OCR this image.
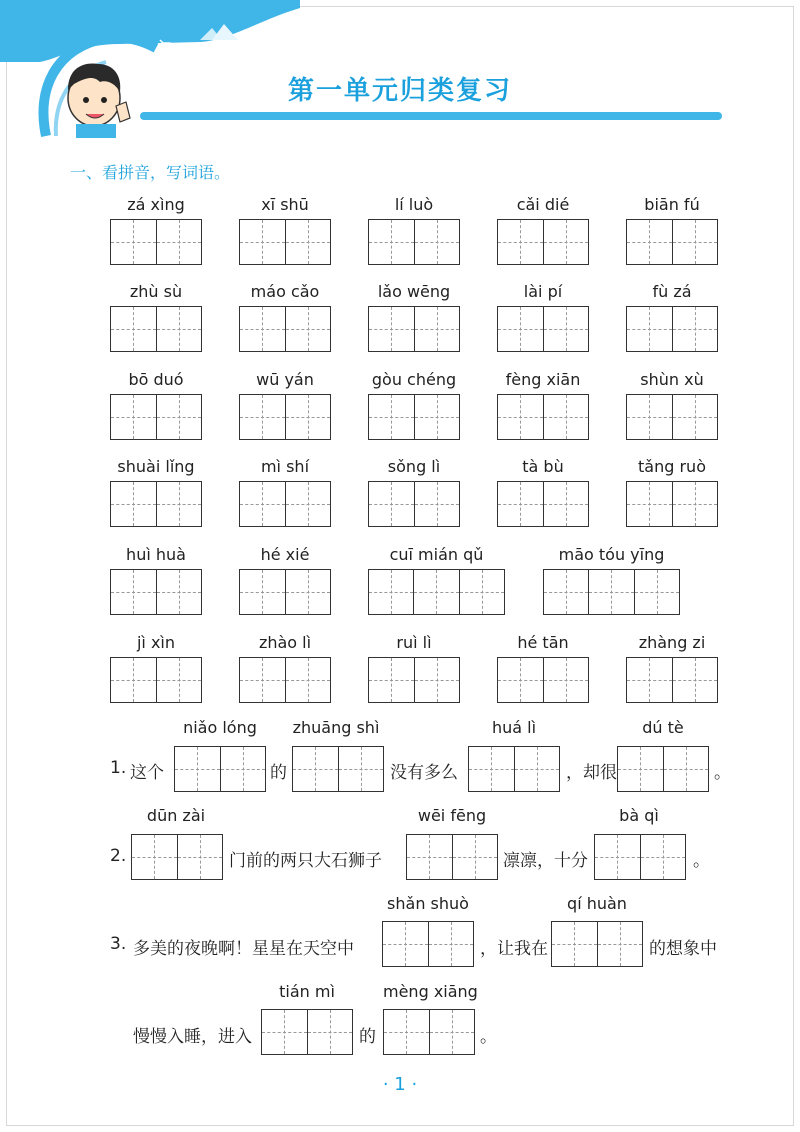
第一单元归类复习
一、看拼音，写词语。
zá xìng	xī shū	lí luò	cǎi dié	biān fú
zhù sù	máo cǎo	lǎo wēng	lài pí	fù zá
bō duó	wū yán	gòu chéng	fèng xiān	shùn xù
shuài lǐng	mì shí	sǒng lì	tà bù	tǎng ruò
huì huà	hé xié	cuī mián qǔ	māo tóu yīng
jì xìn	zhào lì	ruì lì	hé tān	zhàng zi
niǎo lóng	zhuāng shì	huá lì	dú tè
1. 这个	的	没有多么	，却很	。
dūn zài	wēi fēng	bà qì
2.	门前的两只大石狮子	凛凛，十分	。
shǎn shuò	qí huàn
3. 多美的夜晚啊！星星在天空中	，让我在	的想象中
tián mì	mèng xiāng
慢慢入睡，进入	的	。
· 1 ·
